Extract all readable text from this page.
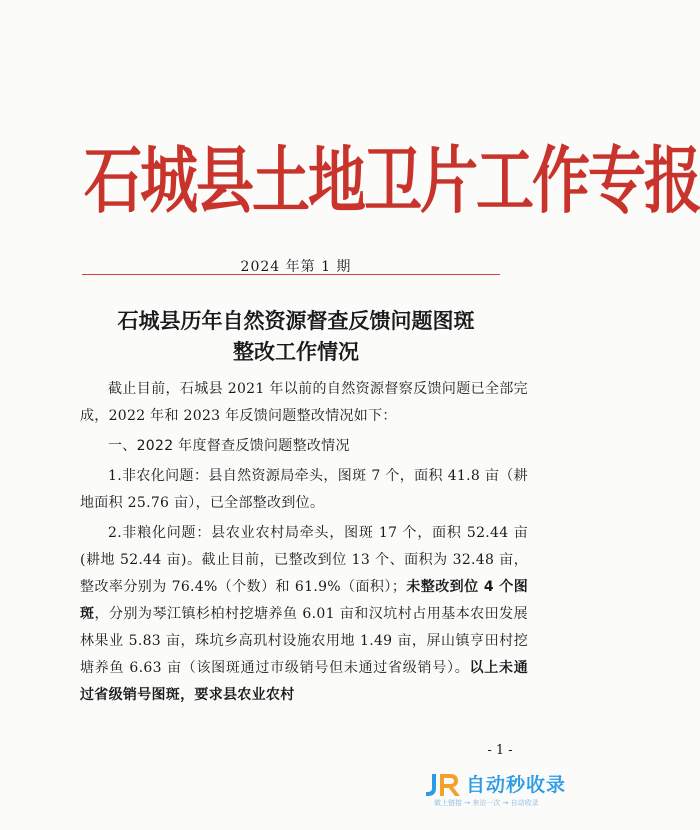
石城县土地卫片工作专报
2024 年第 1 期
石城县历年自然资源督查反馈问题图斑
整改工作情况

截止目前，石城县 2021 年以前的自然资源督察反馈问题已全部完成，2022 年和 2023 年反馈问题整改情况如下：

一、2022 年度督查反馈问题整改情况

1.非农化问题：县自然资源局牵头，图斑 7 个，面积 41.8 亩（耕地面积 25.76 亩），已全部整改到位。

2.非粮化问题：县农业农村局牵头，图斑 17 个，面积 52.44 亩(耕地 52.44 亩)。截止目前，已整改到位 13 个、面积为 32.48 亩，整改率分别为 76.4%（个数）和 61.9%（面积）；未整改到位 4 个图斑，分别为琴江镇杉柏村挖塘养鱼 6.01 亩和汉坑村占用基本农田发展林果业 5.83 亩，珠坑乡高玑村设施农用地 1.49 亩，屏山镇亨田村挖塘养鱼 6.63 亩（该图斑通过市级销号但未通过省级销号）。以上未通过省级销号图斑，要求县农业农村

- 1 -
自动秒收录
做上链接 → 来访一次 → 自动收录
